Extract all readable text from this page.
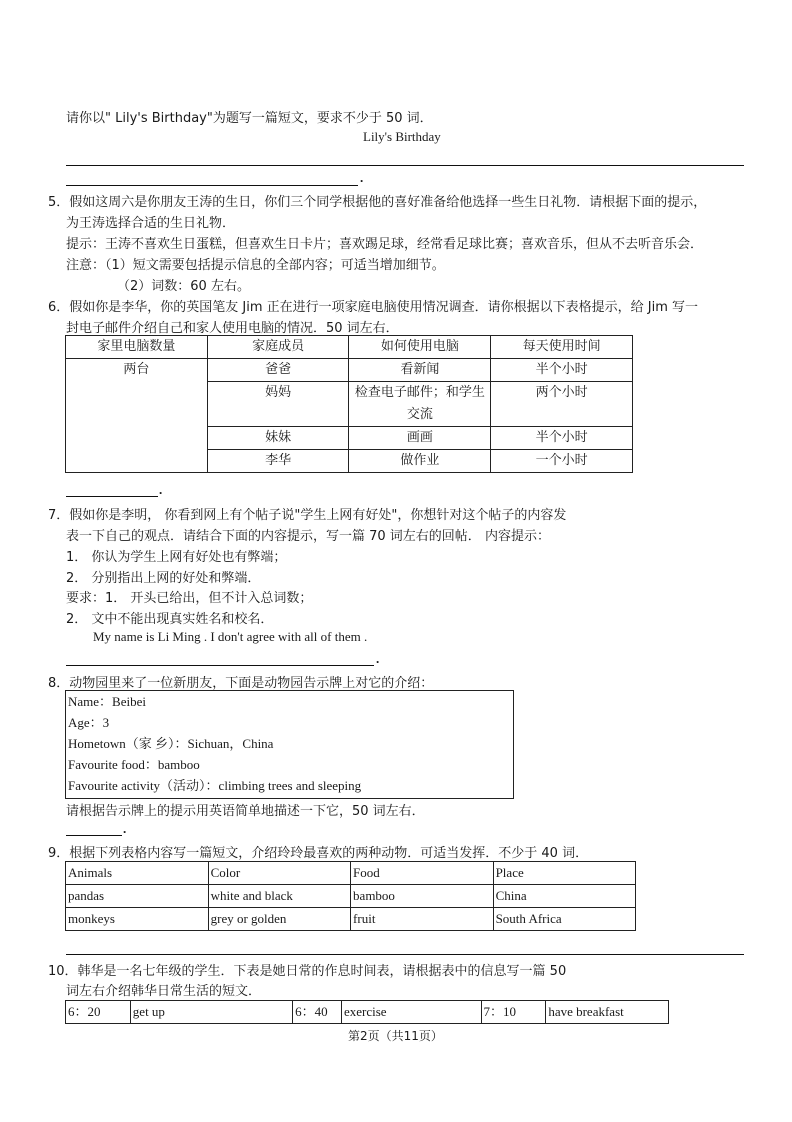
请你以" Lily's Birthday"为题写一篇短文，要求不少于 50 词．
Lily's Birthday
.
5．假如这周六是你朋友王涛的生日，你们三个同学根据他的喜好准备给他选择一些生日礼物．请根据下面的提示，
为王涛选择合适的生日礼物．
提示：王涛不喜欢生日蛋糕，但喜欢生日卡片；喜欢踢足球，经常看足球比赛；喜欢音乐，但从不去听音乐会．
注意：（1）短文需要包括提示信息的全部内容；可适当增加细节。
（2）词数：60 左右。
6．假如你是李华，你的英国笔友 Jim 正在进行一项家庭电脑使用情况调查．请你根据以下表格提示，给 Jim 写一
封电子邮件介绍自己和家人使用电脑的情况．50 词左右．
家里电脑数量	家庭成员	如何使用电脑	每天使用时间
两台	爸爸	看新闻	半个小时
	妈妈	检查电子邮件；和学生交流	两个小时
	妹妹	画画	半个小时
	李华	做作业	一个小时
.
7．假如你是李明， 你看到网上有个帖子说"学生上网有好处"，你想针对这个帖子的内容发
表一下自己的观点．请结合下面的内容提示，写一篇 70 词左右的回帖． 内容提示：
1． 你认为学生上网有好处也有弊端；
2． 分别指出上网的好处和弊端．
要求：1． 开头已给出，但不计入总词数；
2． 文中不能出现真实姓名和校名．
My name is Li Ming . I don't agree with all of them .
.
8．动物园里来了一位新朋友，下面是动物园告示牌上对它的介绍：
Name：Beibei
Age：3
Hometown（家 乡）：Sichuan，China
Favourite food：bamboo
Favourite activity（活动）：climbing trees and sleeping
请根据告示牌上的提示用英语简单地描述一下它，50 词左右．
.
9．根据下列表格内容写一篇短文，介绍玲玲最喜欢的两种动物．可适当发挥．不少于 40 词．
Animals	Color	Food	Place
pandas	white and black	bamboo	China
monkeys	grey or golden	fruit	South Africa
10．韩华是一名七年级的学生．下表是她日常的作息时间表，请根据表中的信息写一篇 50
词左右介绍韩华日常生活的短文．
6：20	get up	6：40	exercise	7：10	have breakfast
第2页（共11页）
